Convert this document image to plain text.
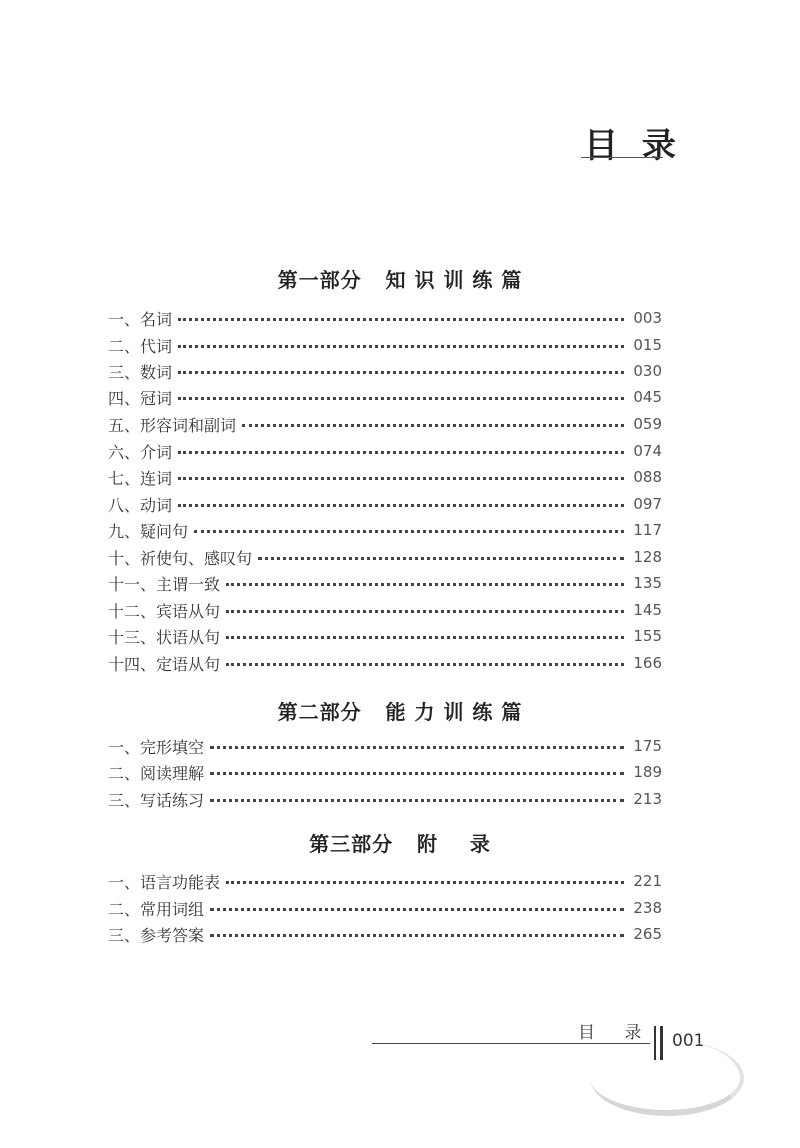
目 录
第一部分 知 识 训 练 篇
一、名词	003
二、代词	015
三、数词	030
四、冠词	045
五、形容词和副词	059
六、介词	074
七、连词	088
八、动词	097
九、疑问句	117
十、祈使句、感叹句	128
十一、主谓一致	135
十二、宾语从句	145
十三、状语从句	155
十四、定语从句	166
第二部分 能 力 训 练 篇
一、完形填空	175
二、阅读理解	189
三、写话练习	213
第三部分 附    录
一、语言功能表	221
二、常用词组	238
三、参考答案	265
目 录 001
